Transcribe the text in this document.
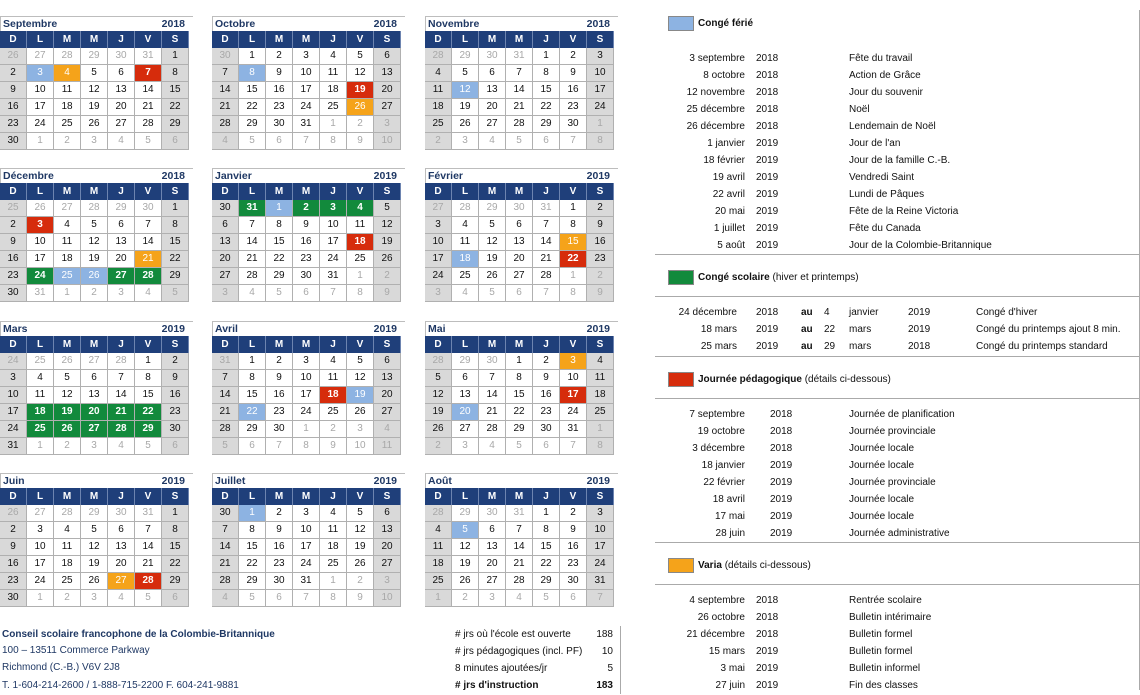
Septembre	2018
D	L	M	M	J	V	S
26	27	28	29	30	31	1
2	3	4	5	6	7	8
9	10	11	12	13	14	15
16	17	18	19	20	21	22
23	24	25	26	27	28	29
30	1	2	3	4	5	6
Octobre	2018
D	L	M	M	J	V	S
30	1	2	3	4	5	6
7	8	9	10	11	12	13
14	15	16	17	18	19	20
21	22	23	24	25	26	27
28	29	30	31	1	2	3
4	5	6	7	8	9	10
Novembre	2018
D	L	M	M	J	V	S
28	29	30	31	1	2	3
4	5	6	7	8	9	10
11	12	13	14	15	16	17
18	19	20	21	22	23	24
25	26	27	28	29	30	1
2	3	4	5	6	7	8
Décembre	2018
D	L	M	M	J	V	S
25	26	27	28	29	30	1
2	3	4	5	6	7	8
9	10	11	12	13	14	15
16	17	18	19	20	21	22
23	24	25	26	27	28	29
30	31	1	2	3	4	5
Janvier	2019
D	L	M	M	J	V	S
30	31	1	2	3	4	5
6	7	8	9	10	11	12
13	14	15	16	17	18	19
20	21	22	23	24	25	26
27	28	29	30	31	1	2
3	4	5	6	7	8	9
Février	2019
D	L	M	M	J	V	S
27	28	29	30	31	1	2
3	4	5	6	7	8	9
10	11	12	13	14	15	16
17	18	19	20	21	22	23
24	25	26	27	28	1	2
3	4	5	6	7	8	9
Mars	2019
D	L	M	M	J	V	S
24	25	26	27	28	1	2
3	4	5	6	7	8	9
10	11	12	13	14	15	16
17	18	19	20	21	22	23
24	25	26	27	28	29	30
31	1	2	3	4	5	6
Avril	2019
D	L	M	M	J	V	S
31	1	2	3	4	5	6
7	8	9	10	11	12	13
14	15	16	17	18	19	20
21	22	23	24	25	26	27
28	29	30	1	2	3	4
5	6	7	8	9	10	11
Mai	2019
D	L	M	M	J	V	S
28	29	30	1	2	3	4
5	6	7	8	9	10	11
12	13	14	15	16	17	18
19	20	21	22	23	24	25
26	27	28	29	30	31	1
2	3	4	5	6	7	8
Juin	2019
D	L	M	M	J	V	S
26	27	28	29	30	31	1
2	3	4	5	6	7	8
9	10	11	12	13	14	15
16	17	18	19	20	21	22
23	24	25	26	27	28	29
30	1	2	3	4	5	6
Juillet	2019
D	L	M	M	J	V	S
30	1	2	3	4	5	6
7	8	9	10	11	12	13
14	15	16	17	18	19	20
21	22	23	24	25	26	27
28	29	30	31	1	2	3
4	5	6	7	8	9	10
Août	2019
D	L	M	M	J	V	S
28	29	30	31	1	2	3
4	5	6	7	8	9	10
11	12	13	14	15	16	17
18	19	20	21	22	23	24
25	26	27	28	29	30	31
1	2	3	4	5	6	7
Congé férié
3 septembre 2018	Fête du travail
8 octobre 2018	Action de Grâce
12 novembre 2018	Jour du souvenir
25 décembre 2018	Noël
26 décembre 2018	Lendemain de Noël
1 janvier 2019	Jour de l'an
18 février 2019	Jour de la famille C.-B.
19 avril 2019	Vendredi Saint
22 avril 2019	Lundi de Pâques
20 mai 2019	Fête de la Reine Victoria
1 juillet 2019	Fête du Canada
5 août 2019	Jour de la Colombie-Britannique
Congé scolaire
(hiver et printemps)
24 décembre 2018 au 4 janvier	2019	Congé d'hiver
18 mars 2019 au 22 mars	2019	Congé du printemps ajout 8 min.
25 mars 2019 au 29 mars	2018	Congé du printemps standard
Journée pédagogique
(détails ci-dessous)
7 septembre	2018	Journée de planification
19 octobre	2018	Journée provinciale
3 décembre	2018	Journée locale
18 janvier	2019	Journée locale
22 février	2019	Journée provinciale
18 avril	2019	Journée locale
17 mai	2019	Journée locale
28 juin	2019	Journée administrative
Varia
(détails ci-dessous)
4 septembre 2018	Rentrée scolaire
26 octobre 2018	Bulletin intérimaire
21 décembre 2018	Bulletin formel
15 mars 2019	Bulletin formel
3 mai 2019	Bulletin informel
27 juin 2019	Fin des classes
Conseil scolaire francophone de la Colombie-Britannique
100 – 13511 Commerce Parkway
Richmond (C.-B.) V6V 2J8
T. 1-604-214-2600 / 1-888-715-2200 F. 604-241-9881
# jrs où l'école est ouverte	188
# jrs pédagogiques (incl. PF) 10
8 minutes ajoutées/jr	5
# jrs d'instruction	183
